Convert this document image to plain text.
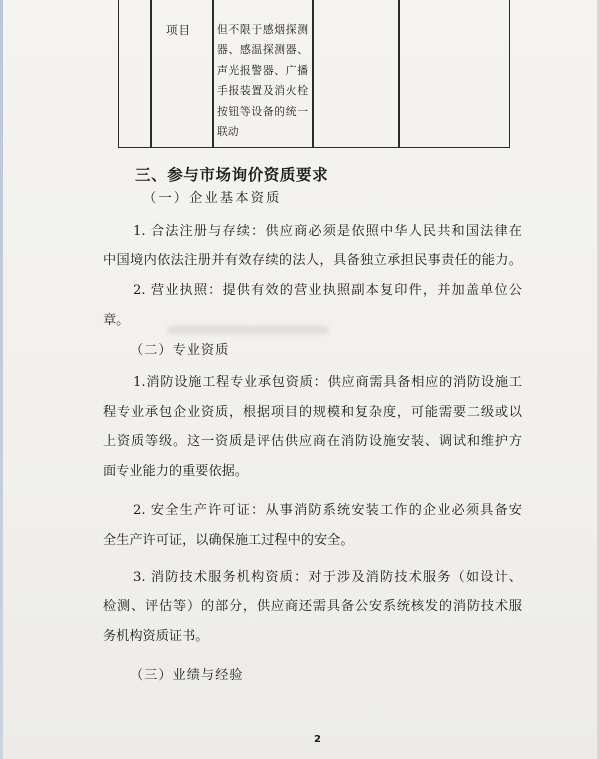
项目 但不限于感烟探测
器、感温探测器、
声光报警器、广播
手报装置及消火栓
按钮等设备的统一
联动
三、参与市场询价资质要求
（一）企业基本资质
1. 合法注册与存续：供应商必须是依照中华人民共和国法律在
中国境内依法注册并有效存续的法人，具备独立承担民事责任的能力。
2. 营业执照：提供有效的营业执照副本复印件，并加盖单位公
章。
（二）专业资质
1.消防设施工程专业承包资质：供应商需具备相应的消防设施工
程专业承包企业资质，根据项目的规模和复杂度，可能需要二级或以
上资质等级。这一资质是评估供应商在消防设施安装、调试和维护方
面专业能力的重要依据。
2. 安全生产许可证：从事消防系统安装工作的企业必须具备安
全生产许可证，以确保施工过程中的安全。
3. 消防技术服务机构资质：对于涉及消防技术服务（如设计、
检测、评估等）的部分，供应商还需具备公安系统核发的消防技术服
务机构资质证书。
（三）业绩与经验
2
